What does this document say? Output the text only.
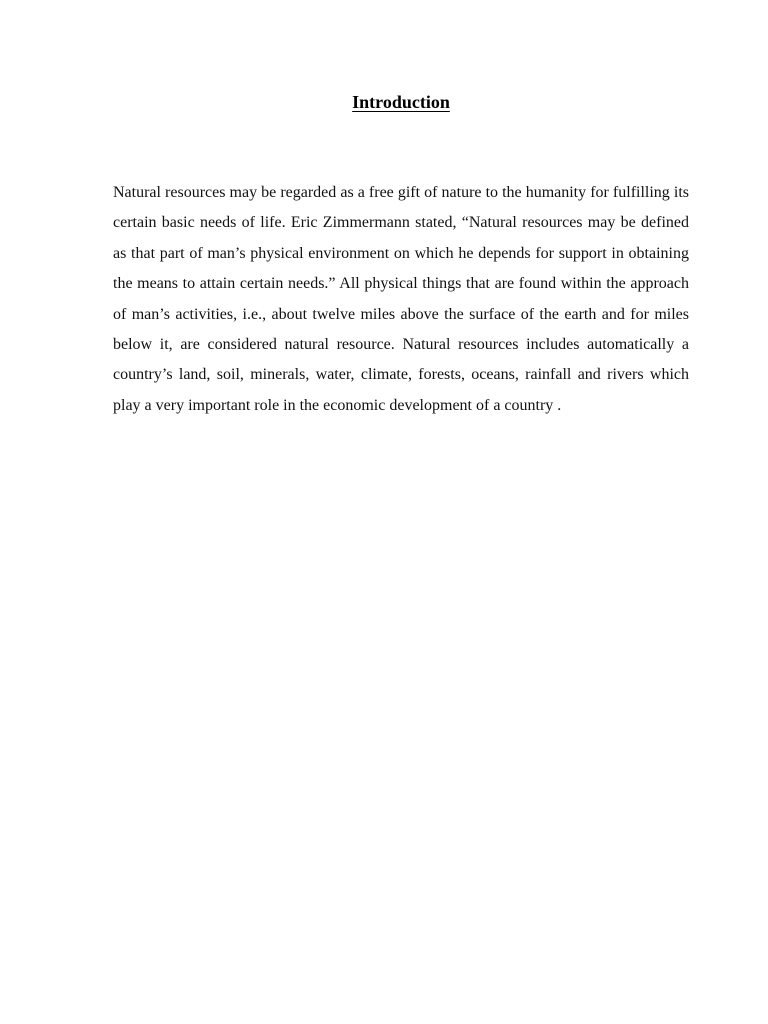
Introduction

Natural resources may be regarded as a free gift of nature to the humanity for fulfilling its certain basic needs of life. Eric Zimmermann stated, “Natural resources may be defined as that part of man’s physical environment on which he depends for support in obtaining the means to attain certain needs.” All physical things that are found within the approach of man’s activities, i.e., about twelve miles above the surface of the earth and for miles below it, are considered natural resource. Natural resources includes automatically a country’s land, soil, minerals, water, climate, forests, oceans, rainfall and rivers which play a very important role in the economic development of a country .
